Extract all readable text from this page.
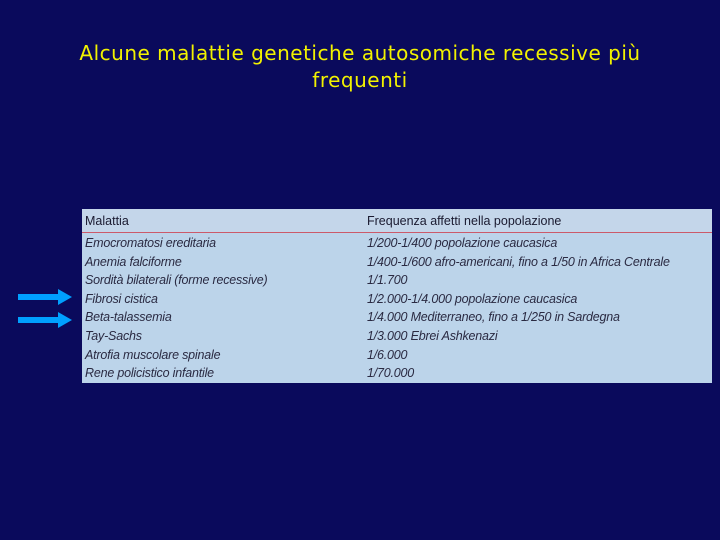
Alcune malattie genetiche autosomiche recessive più
frequenti
Malattia	Frequenza affetti nella popolazione
Emocromatosi ereditaria	1/200-1/400 popolazione caucasica
Anemia falciforme	1/400-1/600 afro-americani, fino a 1/50 in Africa Centrale
Sordità bilaterali (forme recessive)	1/1.700
Fibrosi cistica	1/2.000-1/4.000 popolazione caucasica
Beta-talassemia	1/4.000 Mediterraneo, fino a 1/250 in Sardegna
Tay-Sachs	1/3.000 Ebrei Ashkenazi
Atrofia muscolare spinale	1/6.000
Rene policistico infantile	1/70.000
